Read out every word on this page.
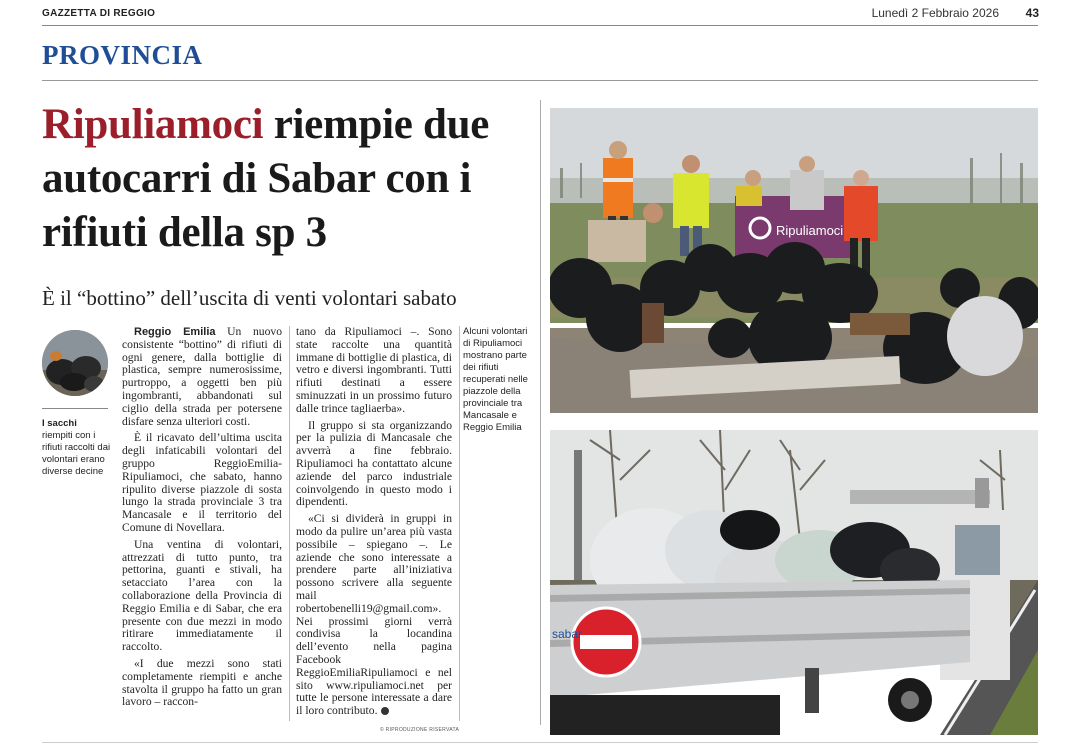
GAZZETTA DI REGGIO	Lunedì 2 Febbraio 2026 43
PROVINCIA
Ripuliamoci riempie due autocarri di Sabar con i rifiuti della sp 3
È il “bottino” dell’uscita di venti volontari sabato
I sacchi
riempiti con i rifiuti raccolti dai volontari erano diverse decine

Reggio Emilia Un nuovo consistente “bottino” di rifiuti di ogni genere, dalla bottiglie di plastica, sempre numerosissime, purtroppo, a oggetti ben più ingombranti, abbandonati sul ciglio della strada per potersene disfare senza ulteriori costi.

È il ricavato dell’ultima uscita degli infaticabili volontari del gruppo ReggioEmilia-Ripuliamoci, che sabato, hanno ripulito diverse piazzole di sosta lungo la strada provinciale 3 tra Mancasale e il territorio del Comune di Novellara.

Una ventina di volontari, attrezzati di tutto punto, tra pettorina, guanti e stivali, ha setacciato l’area con la collaborazione della Provincia di Reggio Emilia e di Sabar, che era presente con due mezzi in modo ritirare immediatamente il raccolto.

«I due mezzi sono stati completamente riempiti e anche stavolta il gruppo ha fatto un gran lavoro – raccon-

tano da Ripuliamoci –. Sono state raccolte una quantità immane di bottiglie di plastica, di vetro e diversi ingombranti. Tutti rifiuti destinati a essere sminuzzati in un prossimo futuro dalle trince tagliaerba».

Il gruppo si sta organizzando per la pulizia di Mancasale che avverrà a fine febbraio. Ripuliamoci ha contattato alcune aziende del parco industriale coinvolgendo in questo modo i dipendenti.

«Ci si dividerà in gruppi in modo da pulire un’area più vasta possibile – spiegano –. Le aziende che sono interessate a prendere parte all’iniziativa possono scrivere alla seguente mail robertobenelli19@gmail.com». Nei prossimi giorni verrà condivisa la locandina dell’evento nella pagina Facebook ReggioEmiliaRipuliamoci e nel sito www.ripuliamoci.net per tutte le persone interessate a dare il loro contributo.

Alcuni volontari di Ripuliamoci mostrano parte dei rifiuti recuperati nelle piazzole della provinciale tra Mancasale e Reggio Emilia
© RIPRODUZIONE RISERVATA
Ripuliamoci
sabar
